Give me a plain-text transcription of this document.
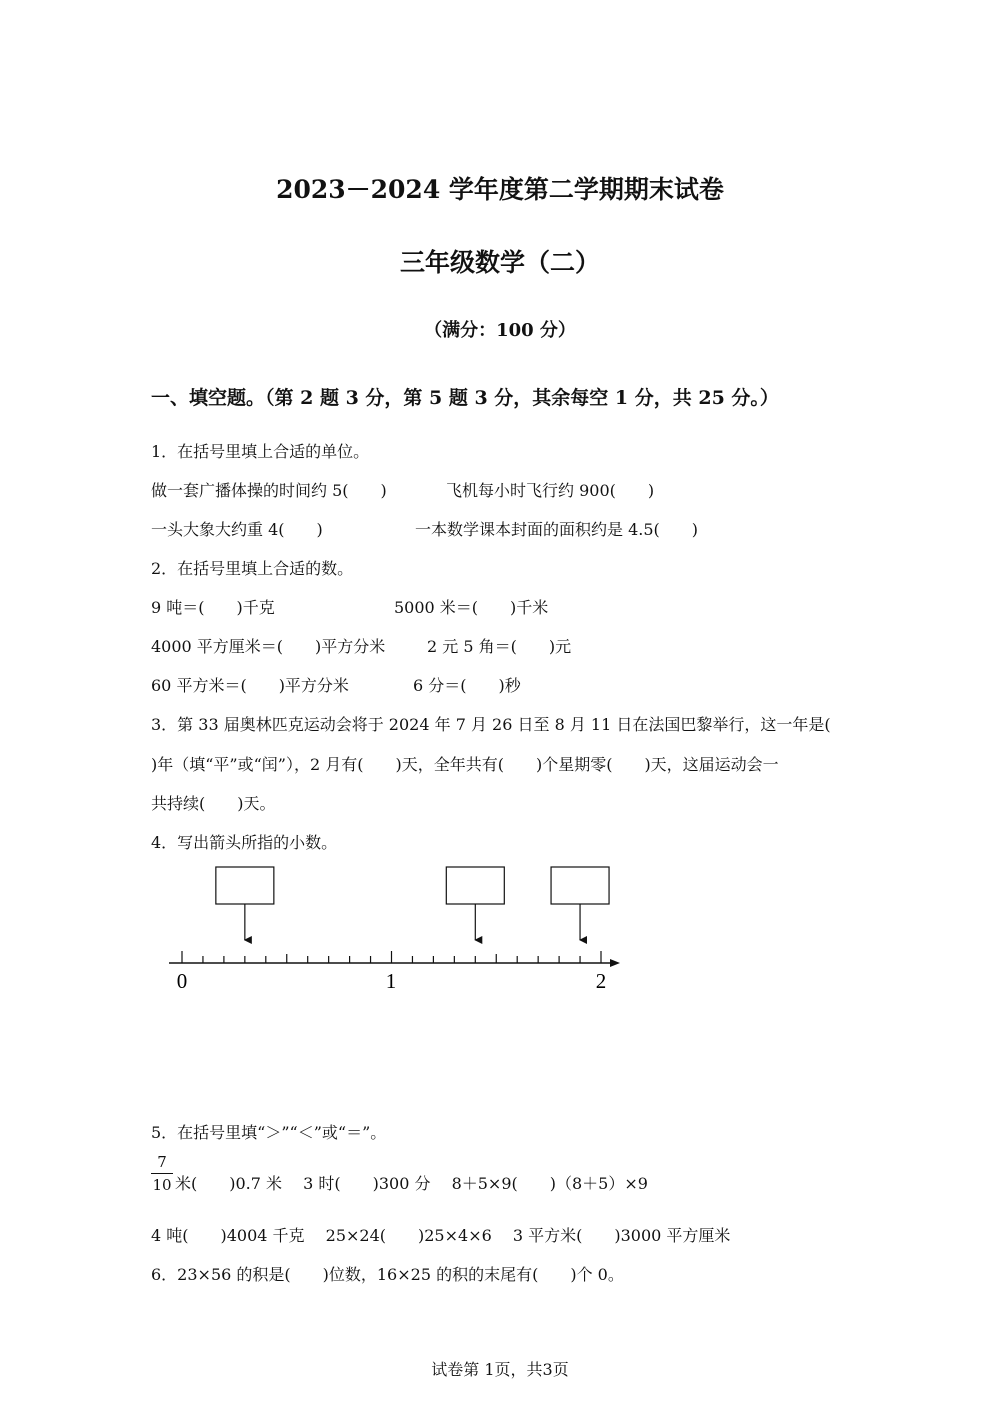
2023－2024 学年度第二学期期末试卷
三年级数学（二）
（满分：100 分）
一、填空题。（第 2 题 3 分，第 5 题 3 分，其余每空 1 分，共 25 分。）
1．在括号里填上合适的单位。
做一套广播体操的时间约 5(　　)	飞机每小时飞行约 900(　　)
一头大象大约重 4(　　)	一本数学课本封面的面积约是 4.5(　　)
2．在括号里填上合适的数。
9 吨＝(　　)千克	5000 米＝(　　)千米
4000 平方厘米＝(　　)平方分米	2 元 5 角＝(　　)元
60 平方米＝(　　)平方分米	6 分＝(　　)秒
3．第 33 届奥林匹克运动会将于 2024 年 7 月 26 日至 8 月 11 日在法国巴黎举行，这一年是(
)年（填“平”或“闰”），2 月有(　　)天，全年共有(　　)个星期零(　　)天，这届运动会一
共持续(　　)天。
4．写出箭头所指的小数。
0	1	2
5．在括号里填“＞”“＜”或“＝”。
7
10 米(　　)0.7 米　 3 时(　　)300 分　 8＋5×9(　　)（8＋5）×9
4 吨(　　)4004 千克　 25×24(　　)25×4×6　 3 平方米(　　)3000 平方厘米
6．23×56 的积是(　　)位数，16×25 的积的末尾有(　　)个 0。
试卷第 1页，共3页
